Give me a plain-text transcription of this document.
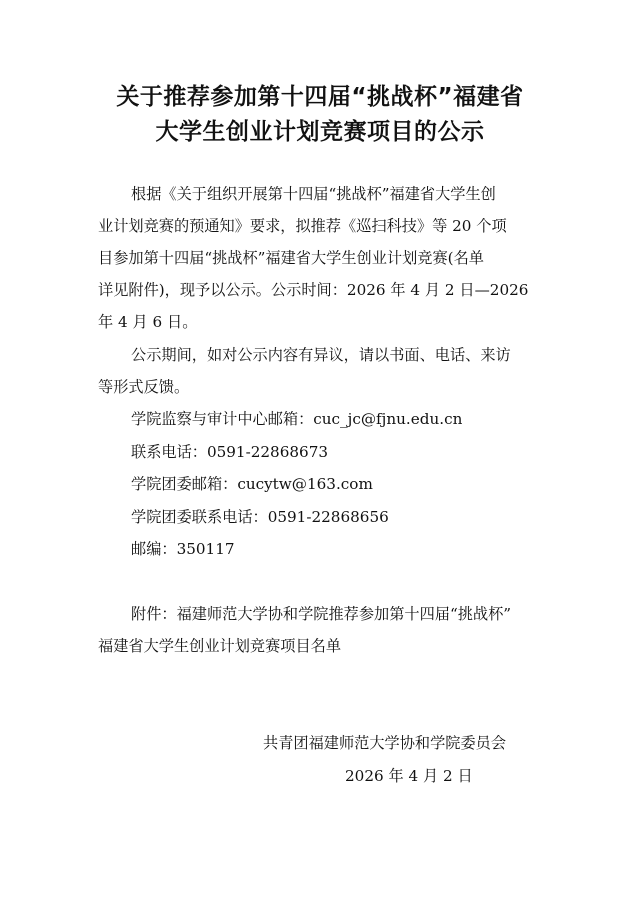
关于推荐参加第十四届“挑战杯”福建省
大学生创业计划竞赛项目的公示

根据《关于组织开展第十四届“挑战杯”福建省大学生创

业计划竞赛的预通知》要求，拟推荐《巡扫科技》等 20 个项

目参加第十四届“挑战杯”福建省大学生创业计划竞赛(名单

详见附件)，现予以公示。公示时间：2026 年 4 月 2 日—2026

年 4 月 6 日。

公示期间，如对公示内容有异议，请以书面、电话、来访

等形式反馈。

学院监察与审计中心邮箱：cuc_jc@fjnu.edu.cn

联系电话：0591-22868673

学院团委邮箱：cucytw@163.com

学院团委联系电话：0591-22868656

邮编：350117

附件：福建师范大学协和学院推荐参加第十四届“挑战杯”

福建省大学生创业计划竞赛项目名单

共青团福建师范大学协和学院委员会

2026 年 4 月 2 日
